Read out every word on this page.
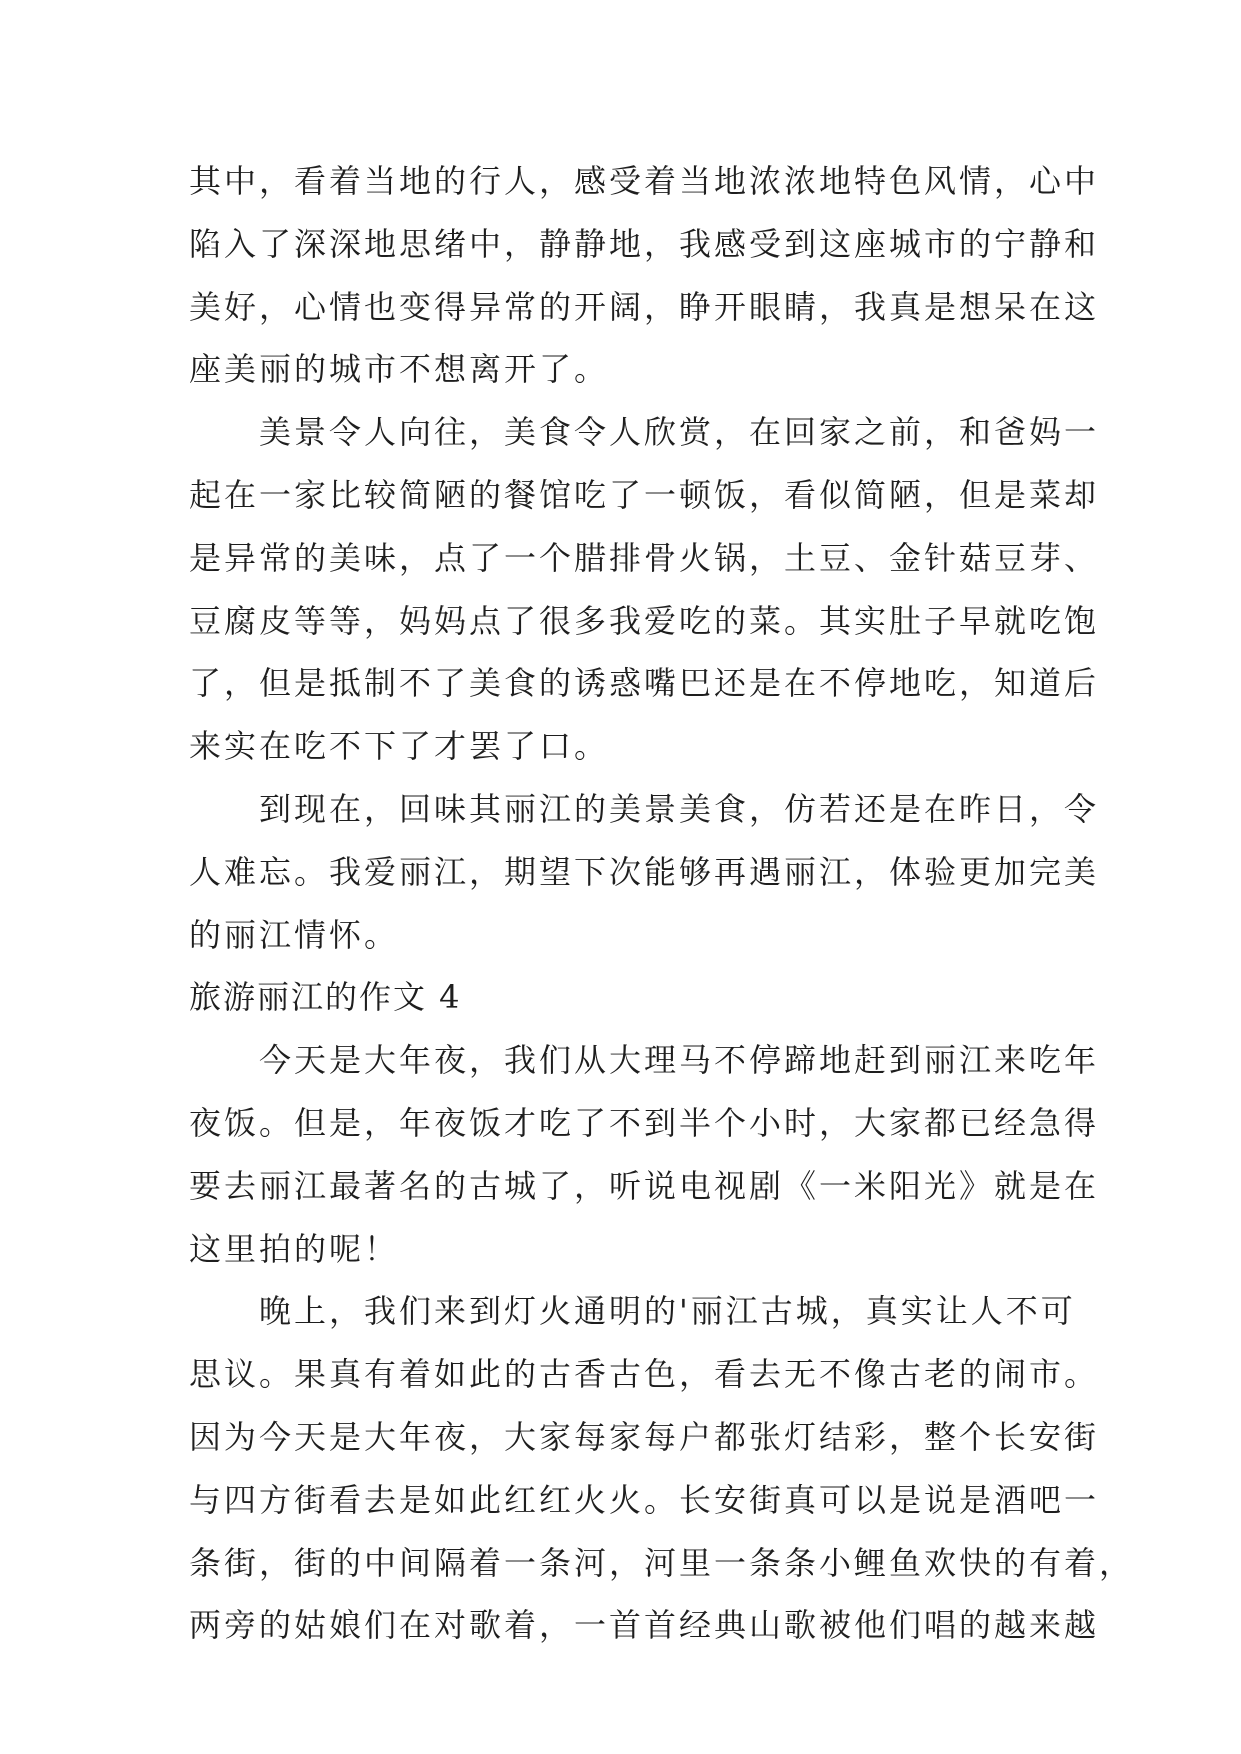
其中，看着当地的行人，感受着当地浓浓地特色风情，心中

陷入了深深地思绪中，静静地，我感受到这座城市的宁静和

美好，心情也变得异常的开阔，睁开眼睛，我真是想呆在这

座美丽的城市不想离开了。

美景令人向往，美食令人欣赏，在回家之前，和爸妈一

起在一家比较简陋的餐馆吃了一顿饭，看似简陋，但是菜却

是异常的美味，点了一个腊排骨火锅，土豆、金针菇豆芽、

豆腐皮等等，妈妈点了很多我爱吃的菜。其实肚子早就吃饱

了，但是抵制不了美食的诱惑嘴巴还是在不停地吃，知道后

来实在吃不下了才罢了口。

到现在，回味其丽江的美景美食，仿若还是在昨日，令

人难忘。我爱丽江，期望下次能够再遇丽江，体验更加完美

的丽江情怀。

旅游丽江的作文 4

今天是大年夜，我们从大理马不停蹄地赶到丽江来吃年

夜饭。但是，年夜饭才吃了不到半个小时，大家都已经急得

要去丽江最著名的古城了，听说电视剧《一米阳光》就是在

这里拍的呢！

晚上，我们来到灯火通明的'丽江古城，真实让人不可

思议。果真有着如此的古香古色，看去无不像古老的闹市。

因为今天是大年夜，大家每家每户都张灯结彩，整个长安街

与四方街看去是如此红红火火。长安街真可以是说是酒吧一

条街，街的中间隔着一条河，河里一条条小鲤鱼欢快的有着，

两旁的姑娘们在对歌着，一首首经典山歌被他们唱的越来越
